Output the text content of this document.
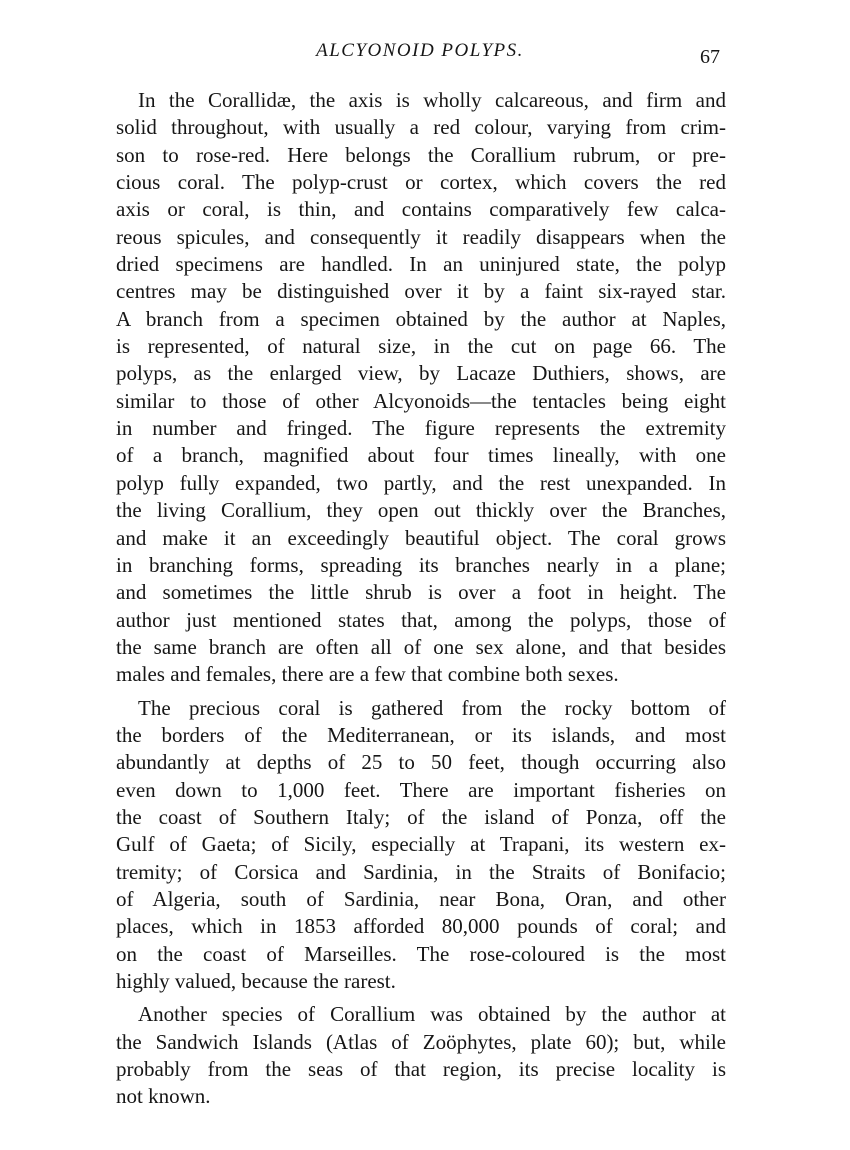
ALCYONOID POLYPS.	67
In the Corallidæ, the axis is wholly calcareous, and firm and
solid throughout, with usually a red colour, varying from crim-
son to rose-red. Here belongs the Corallium rubrum, or pre-
cious coral. The polyp-crust or cortex, which covers the red
axis or coral, is thin, and contains comparatively few calca-
reous spicules, and consequently it readily disappears when the
dried specimens are handled. In an uninjured state, the polyp
centres may be distinguished over it by a faint six-rayed star.
A branch from a specimen obtained by the author at Naples,
is represented, of natural size, in the cut on page 66. The
polyps, as the enlarged view, by Lacaze Duthiers, shows, are
similar to those of other Alcyonoids—the tentacles being eight
in number and fringed. The figure represents the extremity
of a branch, magnified about four times lineally, with one
polyp fully expanded, two partly, and the rest unexpanded. In
the living Corallium, they open out thickly over the Branches,
and make it an exceedingly beautiful object. The coral grows
in branching forms, spreading its branches nearly in a plane;
and sometimes the little shrub is over a foot in height. The
author just mentioned states that, among the polyps, those of
the same branch are often all of one sex alone, and that besides
males and females, there are a few that combine both sexes.
The precious coral is gathered from the rocky bottom of
the borders of the Mediterranean, or its islands, and most
abundantly at depths of 25 to 50 feet, though occurring also
even down to 1,000 feet. There are important fisheries on
the coast of Southern Italy; of the island of Ponza, off the
Gulf of Gaeta; of Sicily, especially at Trapani, its western ex-
tremity; of Corsica and Sardinia, in the Straits of Bonifacio;
of Algeria, south of Sardinia, near Bona, Oran, and other
places, which in 1853 afforded 80,000 pounds of coral; and
on the coast of Marseilles. The rose-coloured is the most
highly valued, because the rarest.
Another species of Corallium was obtained by the author at
the Sandwich Islands (Atlas of Zoöphytes, plate 60); but, while
probably from the seas of that region, its precise locality is
not known.
